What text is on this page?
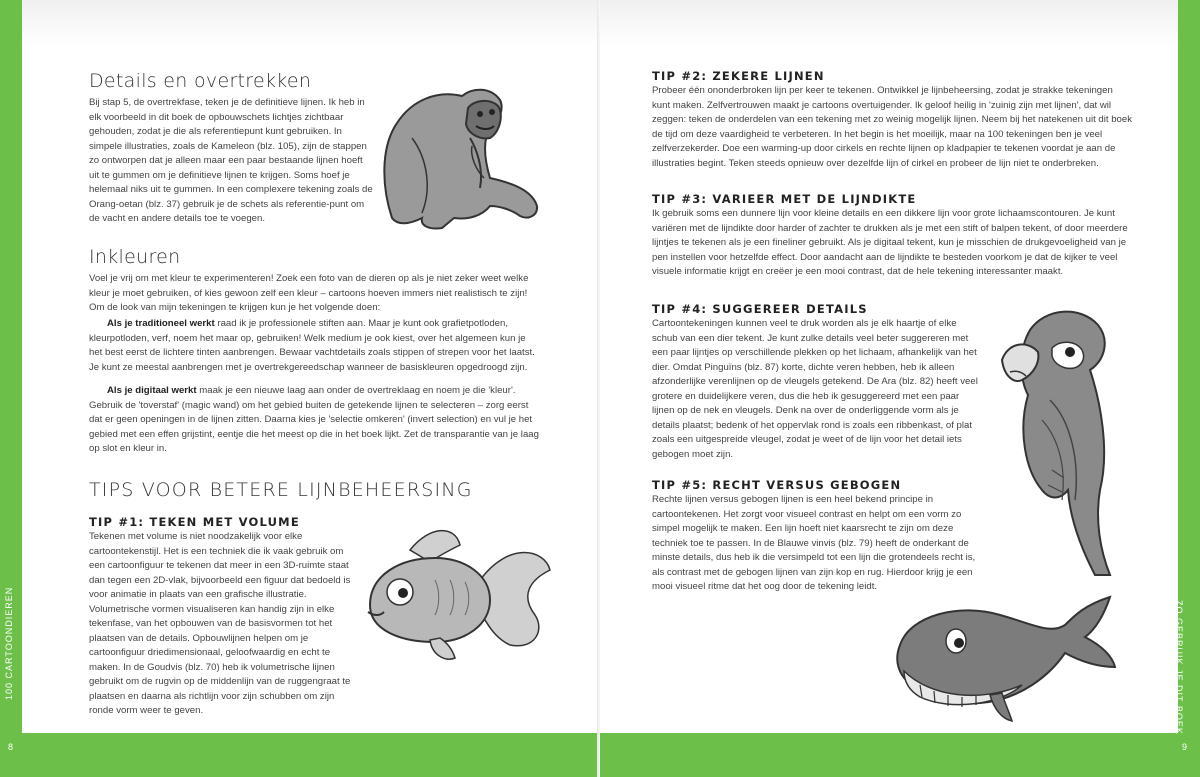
100 CARTOONDIEREN
8
Details en overtrekken

Bij stap 5, de overtrekfase, teken je de definitieve lijnen. Ik heb in elk voorbeeld in dit boek de opbouwschets lichtjes zichtbaar gehouden, zodat je die als referentiepunt kunt gebruiken. In simpele illustraties, zoals de Kameleon (blz. 105), zijn de stappen zo ontworpen dat je alleen maar een paar bestaande lijnen hoeft uit te gummen om je definitieve lijnen te krijgen. Soms hoef je helemaal niks uit te gummen. In een complexere tekening zoals de Orang-oetan (blz. 37) gebruik je de schets als referentie-punt om de vacht en andere details toe te voegen.

Inkleuren

Voel je vrij om met kleur te experimenteren! Zoek een foto van de dieren op als je niet zeker weet welke kleur je moet gebruiken, of kies gewoon zelf een kleur – cartoons hoeven immers niet realistisch te zijn! Om de look van mijn tekeningen te krijgen kun je het volgende doen:

Als je traditioneel werkt raad ik je professionele stiften aan. Maar je kunt ook grafietpotloden, kleurpotloden, verf, noem het maar op, gebruiken! Welk medium je ook kiest, over het algemeen kun je het best eerst de lichtere tinten aanbrengen. Bewaar vachtdetails zoals stippen of strepen voor het laatst. Je kunt ze meestal aanbrengen met je overtrekgereedschap wanneer de basiskleuren opgedroogd zijn.

Als je digitaal werkt maak je een nieuwe laag aan onder de overtreklaag en noem je die 'kleur'. Gebruik de 'toverstaf' (magic wand) om het gebied buiten de getekende lijnen te selecteren – zorg eerst dat er geen openingen in de lijnen zitten. Daarna kies je 'selectie omkeren' (invert selection) en vul je het gebied met een effen grijstint, eentje die het meest op die in het boek lijkt. Zet de transparantie van je laag op slot en kleur in.

TIPS VOOR BETERE LIJNBEHEERSING
TIP #1: TEKEN MET VOLUME

Tekenen met volume is niet noodzakelijk voor elke cartoontekenstijl. Het is een techniek die ik vaak gebruik om een cartoonfiguur te tekenen dat meer in een 3D-ruimte staat dan tegen een 2D-vlak, bijvoorbeeld een figuur dat bedoeld is voor animatie in plaats van een grafische illustratie. Volumetrische vormen visualiseren kan handig zijn in elke tekenfase, van het opbouwen van de basisvormen tot het plaatsen van de details. Opbouwlijnen helpen om je cartoonfiguur driedimensionaal, geloofwaardig en echt te maken. In de Goudvis (blz. 70) heb ik volumetrische lijnen gebruikt om de rugvin op de middenlijn van de ruggengraat te plaatsen en daarna als richtlijn voor zijn schubben om zijn ronde vorm weer te geven.	ZO GEBRUIK JE DIT BOEK
9
TIP #2: ZEKERE LIJNEN

Probeer één ononderbroken lijn per keer te tekenen. Ontwikkel je lijnbeheersing, zodat je strakke tekeningen kunt maken. Zelfvertrouwen maakt je cartoons overtuigender. Ik geloof heilig in 'zuinig zijn met lijnen', dat wil zeggen: teken de onderdelen van een tekening met zo weinig mogelijk lijnen. Neem bij het natekenen uit dit boek de tijd om deze vaardigheid te verbeteren. In het begin is het moeilijk, maar na 100 tekeningen ben je veel zelfverzekerder. Doe een warming-up door cirkels en rechte lijnen op kladpapier te tekenen voordat je aan de illustraties begint. Teken steeds opnieuw over dezelfde lijn of cirkel en probeer de lijn niet te onderbreken.

TIP #3: VARIEER MET DE LIJNDIKTE

Ik gebruik soms een dunnere lijn voor kleine details en een dikkere lijn voor grote lichaamscontouren. Je kunt variëren met de lijndikte door harder of zachter te drukken als je met een stift of balpen tekent, of door meerdere lijntjes te tekenen als je een fineliner gebruikt. Als je digitaal tekent, kun je misschien de drukgevoeligheid van je pen instellen voor hetzelfde effect. Door aandacht aan de lijndikte te besteden voorkom je dat de kijker te veel visuele informatie krijgt en creëer je een mooi contrast, dat de hele tekening interessanter maakt.

TIP #4: SUGGEREER DETAILS

Cartoontekeningen kunnen veel te druk worden als je elk haartje of elke schub van een dier tekent. Je kunt zulke details veel beter suggereren met een paar lijntjes op verschillende plekken op het lichaam, afhankelijk van het dier. Omdat Pinguïns (blz. 87) korte, dichte veren hebben, heb ik alleen afzonderlijke verenlijnen op de vleugels getekend. De Ara (blz. 82) heeft veel grotere en duidelijkere veren, dus die heb ik gesuggereerd met een paar lijnen op de nek en vleugels. Denk na over de onderliggende vorm als je details plaatst; bedenk of het oppervlak rond is zoals een ribbenkast, of plat zoals een uitgespreide vleugel, zodat je weet of de lijn voor het detail iets gebogen moet zijn.

TIP #5: RECHT VERSUS GEBOGEN

Rechte lijnen versus gebogen lijnen is een heel bekend principe in cartoontekenen. Het zorgt voor visueel contrast en helpt om een vorm zo simpel mogelijk te maken. Een lijn hoeft niet kaarsrecht te zijn om deze techniek toe te passen. In de Blauwe vinvis (blz. 79) heeft de onderkant de minste details, dus heb ik die versimpeld tot een lijn die grotendeels recht is, als contrast met de gebogen lijnen van zijn kop en rug. Hierdoor krijg je een mooi visueel ritme dat het oog door de tekening leidt.
